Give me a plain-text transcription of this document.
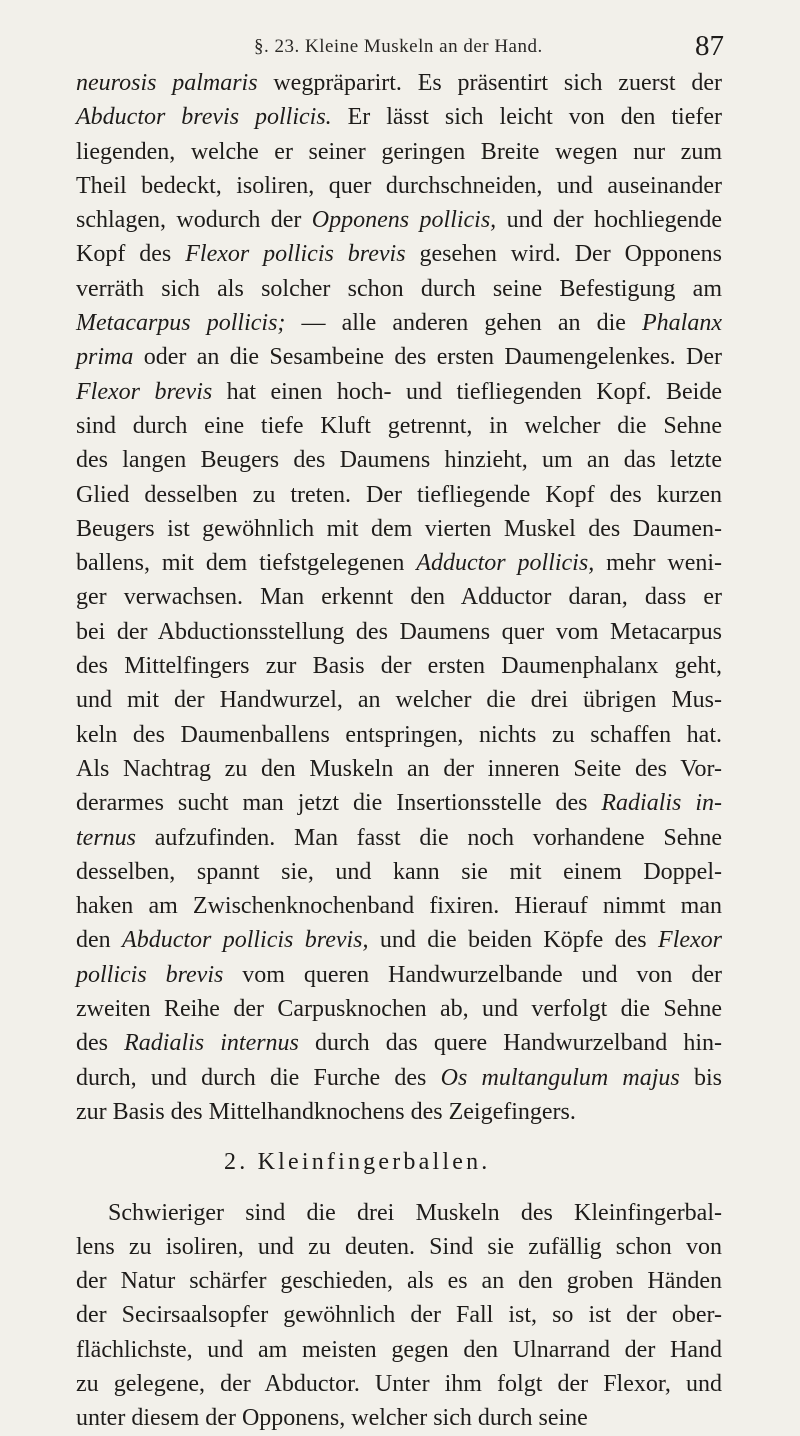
§. 23. Kleine Muskeln an der Hand.	87
neurosis palmaris wegpräparirt. Es präsentirt sich zuerst der
Abductor brevis pollicis. Er lässt sich leicht von den tiefer
liegenden, welche er seiner geringen Breite wegen nur zum
Theil bedeckt, isoliren, quer durchschneiden, und auseinander
schlagen, wodurch der Opponens pollicis, und der hochliegende
Kopf des Flexor pollicis brevis gesehen wird. Der Opponens
verräth sich als solcher schon durch seine Befestigung am
Metacarpus pollicis; — alle anderen gehen an die Phalanx
prima oder an die Sesambeine des ersten Daumengelenkes. Der
Flexor brevis hat einen hoch- und tiefliegenden Kopf. Beide
sind durch eine tiefe Kluft getrennt, in welcher die Sehne
des langen Beugers des Daumens hinzieht, um an das letzte
Glied desselben zu treten. Der tiefliegende Kopf des kurzen
Beugers ist gewöhnlich mit dem vierten Muskel des Daumen-
ballens, mit dem tiefstgelegenen Adductor pollicis, mehr weni-
ger verwachsen. Man erkennt den Adductor daran, dass er
bei der Abductionsstellung des Daumens quer vom Metacarpus
des Mittelfingers zur Basis der ersten Daumenphalanx geht,
und mit der Handwurzel, an welcher die drei übrigen Mus-
keln des Daumenballens entspringen, nichts zu schaffen hat.
Als Nachtrag zu den Muskeln an der inneren Seite des Vor-
derarmes sucht man jetzt die Insertionsstelle des Radialis in-
ternus aufzufinden. Man fasst die noch vorhandene Sehne
desselben, spannt sie, und kann sie mit einem Doppel-
haken am Zwischenknochenband fixiren. Hierauf nimmt man
den Abductor pollicis brevis, und die beiden Köpfe des Flexor
pollicis brevis vom queren Handwurzelbande und von der
zweiten Reihe der Carpusknochen ab, und verfolgt die Sehne
des Radialis internus durch das quere Handwurzelband hin-
durch, und durch die Furche des Os multangulum majus bis
zur Basis des Mittelhandknochens des Zeigefingers.
2. Kleinfingerballen.
Schwieriger sind die drei Muskeln des Kleinfingerbal-
lens zu isoliren, und zu deuten. Sind sie zufällig schon von
der Natur schärfer geschieden, als es an den groben Händen
der Secirsaalsopfer gewöhnlich der Fall ist, so ist der ober-
flächlichste, und am meisten gegen den Ulnarrand der Hand
zu gelegene, der Abductor. Unter ihm folgt der Flexor, und
unter diesem der Opponens, welcher sich durch seine
